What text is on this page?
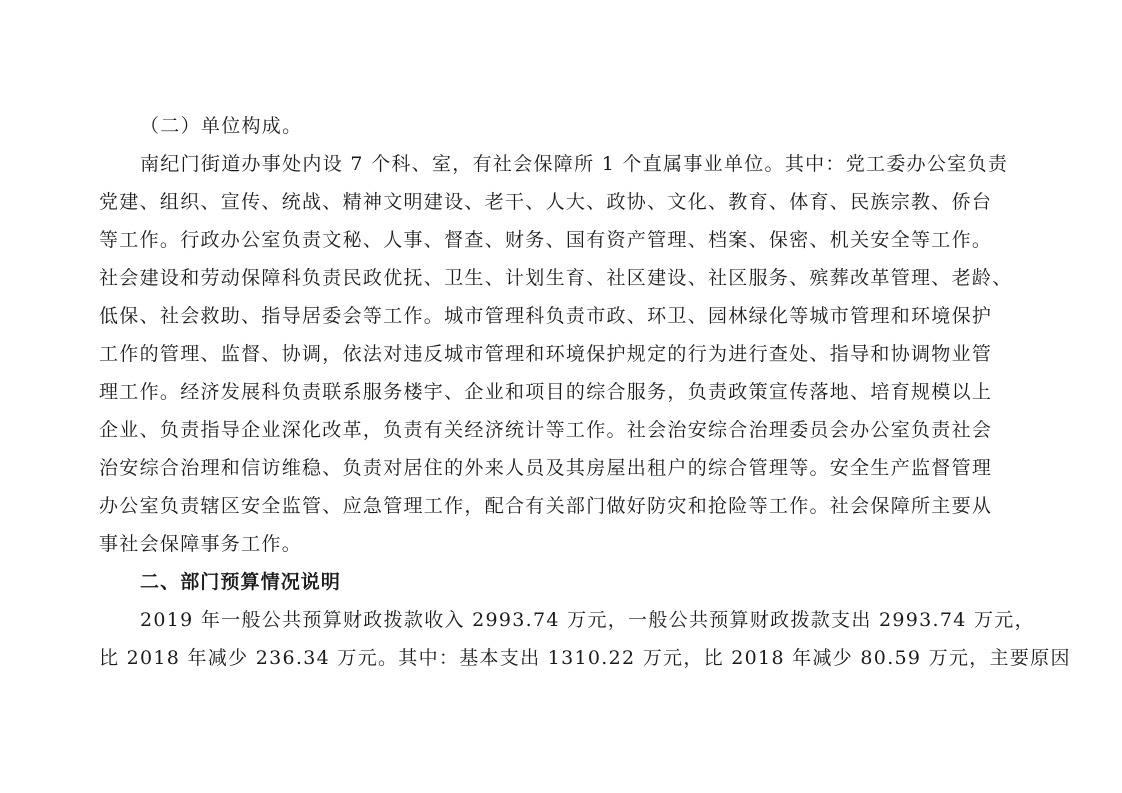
（二）单位构成。
南纪门街道办事处内设 7 个科、室，有社会保障所 1 个直属事业单位。其中：党工委办公室负责
党建、组织、宣传、统战、精神文明建设、老干、人大、政协、文化、教育、体育、民族宗教、侨台
等工作。行政办公室负责文秘、人事、督查、财务、国有资产管理、档案、保密、机关安全等工作。
社会建设和劳动保障科负责民政优抚、卫生、计划生育、社区建设、社区服务、殡葬改革管理、老龄、
低保、社会救助、指导居委会等工作。城市管理科负责市政、环卫、园林绿化等城市管理和环境保护
工作的管理、监督、协调，依法对违反城市管理和环境保护规定的行为进行查处、指导和协调物业管
理工作。经济发展科负责联系服务楼宇、企业和项目的综合服务，负责政策宣传落地、培育规模以上
企业、负责指导企业深化改革，负责有关经济统计等工作。社会治安综合治理委员会办公室负责社会
治安综合治理和信访维稳、负责对居住的外来人员及其房屋出租户的综合管理等。安全生产监督管理
办公室负责辖区安全监管、应急管理工作，配合有关部门做好防灾和抢险等工作。社会保障所主要从
事社会保障事务工作。
二、部门预算情况说明
2019 年一般公共预算财政拨款收入 2993.74 万元，一般公共预算财政拨款支出 2993.74 万元，
比 2018 年减少 236.34 万元。其中：基本支出 1310.22 万元，比 2018 年减少 80.59 万元，主要原因
